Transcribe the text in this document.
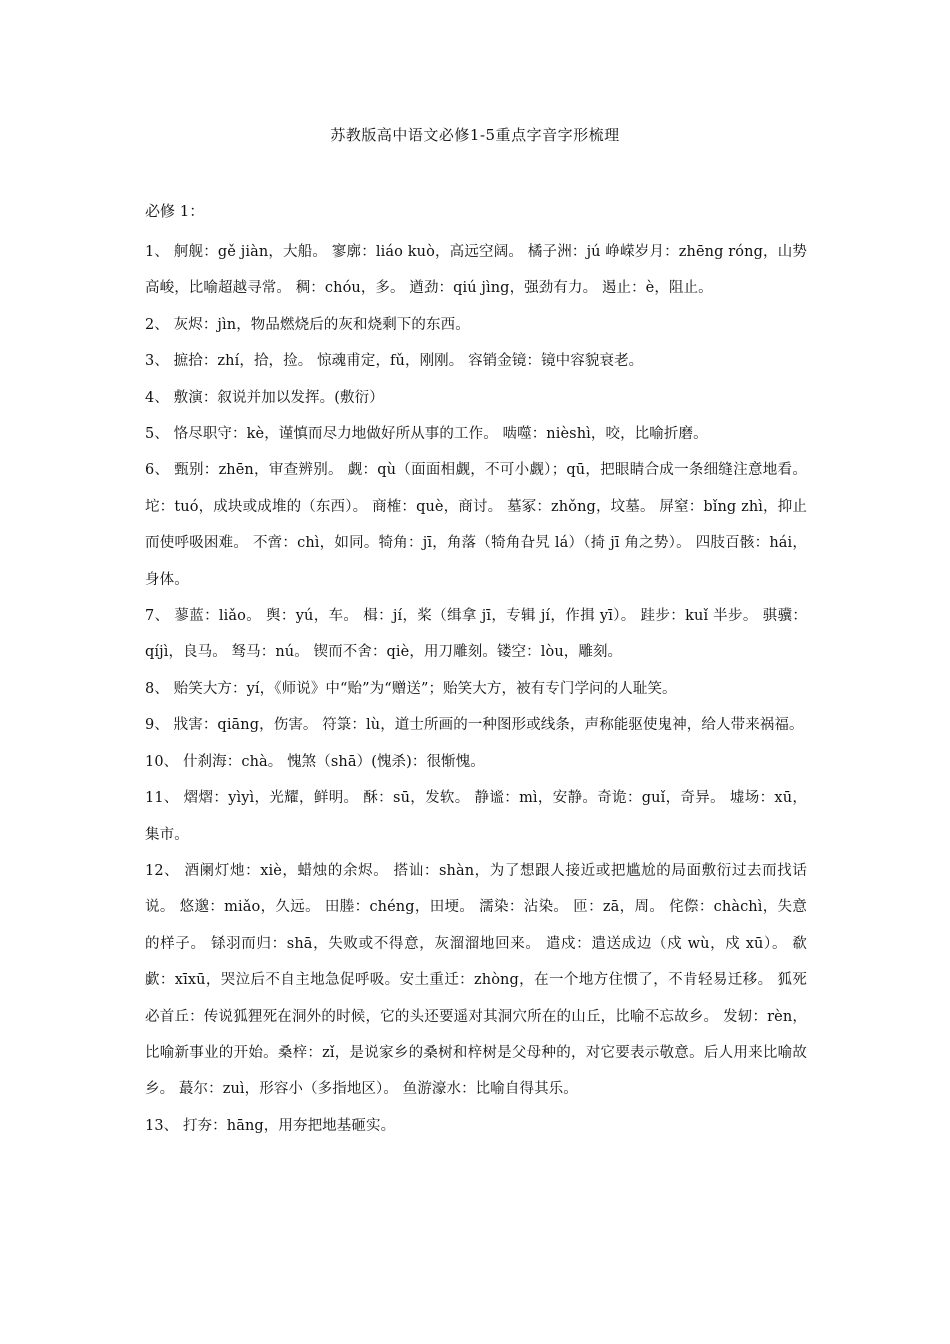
苏教版高中语文必修1-5重点字音字形梳理
必修 1：

1、 舸舰：gě jiàn，大船。 寥廓：liáo kuò，高远空阔。 橘子洲：jú 峥嵘岁月：zhēng róng，山势高峻，比喻超越寻常。 稠：chóu，多。 遒劲：qiú jìng，强劲有力。 遏止：è，阻止。

2、 灰烬：jìn，物品燃烧后的灰和烧剩下的东西。

3、 摭拾：zhí，拾，捡。 惊魂甫定，fǔ，刚刚。 容销金镜：镜中容貌衰老。

4、 敷演：叙说并加以发挥。(敷衍）

5、 恪尽职守：kè，谨慎而尽力地做好所从事的工作。 啮噬：nièshì，咬，比喻折磨。

6、 甄别：zhēn，审查辨别。 觑：qù（面面相觑，不可小觑）；qū，把眼睛合成一条细缝注意地看。 坨：tuó，成块或成堆的（东西）。 商榷：què，商讨。 墓冢：zhǒng，坟墓。 屏窒：bǐng zhì，抑止而使呼吸困难。 不啻：chì，如同。犄角：jī，角落（犄角旮旯 lá）（掎 jī 角之势）。 四肢百骸：hái，身体。

7、 蓼蓝：liǎo。 舆：yú，车。 楫：jí，桨（缉拿 jī，专辑 jí，作揖 yī）。 跬步：kuǐ 半步。 骐骥：qíjì，良马。 驽马：nú。 锲而不舍：qiè，用刀雕刻。镂空：lòu，雕刻。

8、 贻笑大方：yí，《师说》中“贻”为“赠送”；贻笑大方，被有专门学问的人耻笑。

9、 戕害：qiāng，伤害。 符箓：lù，道士所画的一种图形或线条，声称能驱使鬼神，给人带来祸福。

10、 什刹海：chà。 愧煞（shā）(愧杀)：很惭愧。

11、 熠熠：yìyì，光耀，鲜明。 酥：sū，发软。 静谧：mì，安静。奇诡：guǐ，奇异。 墟场：xū，集市。

12、 酒阑灯灺：xiè，蜡烛的余烬。 搭讪：shàn，为了想跟人接近或把尴尬的局面敷衍过去而找话说。 悠邈：miǎo，久远。 田塍：chéng，田埂。 濡染：沾染。 匝：zā，周。 侘傺：chàchì，失意的样子。 铩羽而归：shā，失败或不得意，灰溜溜地回来。 遣戍：遣送成边（戍 wù，戍 xū）。 欷歔：xīxū，哭泣后不自主地急促呼吸。安土重迁：zhòng，在一个地方住惯了，不肯轻易迁移。 狐死必首丘：传说狐狸死在洞外的时候，它的头还要遥对其洞穴所在的山丘，比喻不忘故乡。 发轫：rèn，比喻新事业的开始。桑梓：zǐ，是说家乡的桑树和梓树是父母种的，对它要表示敬意。后人用来比喻故乡。 蕞尔：zuì，形容小（多指地区）。 鱼游濠水：比喻自得其乐。

13、 打夯：hāng，用夯把地基砸实。
